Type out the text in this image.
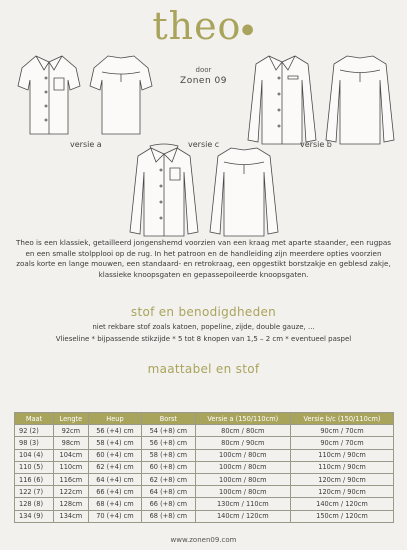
theo●
door
Zonen 09
versie a	versie b
versie c
Theo is een klassiek, getailleerd jongenshemd voorzien van een kraag met aparte staander, een rugpas en een smalle stolpplooi op de rug. In het patroon en de handleiding zijn meerdere opties voorzien zoals korte en lange mouwen, een standaard- en retrokraag, een opgestikt borstzakje en geblesd zakje, klassieke knoopsgaten en gepassepoileerde knoopsgaten.
stof en benodigdheden
niet rekbare stof zoals katoen, popeline, zijde, double gauze, ...
Vlieseline * bijpassende stikzijde * 5 tot 8 knopen van 1,5 – 2 cm * eventueel paspel
maattabel en stof
Maat	Lengte	Heup	Borst	Versie a (150/110cm)	Versie b/c (150/110cm)
92 (2)	92cm	56 (+4) cm	54 (+8) cm	80cm / 80cm	90cm / 70cm
98 (3)	98cm	58 (+4) cm	56 (+8) cm	80cm / 90cm	90cm / 70cm
104 (4)	104cm	60 (+4) cm	58 (+8) cm	100cm / 80cm	110cm / 90cm
110 (5)	110cm	62 (+4) cm	60 (+8) cm	100cm / 80cm	110cm / 90cm
116 (6)	116cm	64 (+4) cm	62 (+8) cm	100cm / 80cm	120cm / 90cm
122 (7)	122cm	66 (+4) cm	64 (+8) cm	100cm / 80cm	120cm / 90cm
128 (8)	128cm	68 (+4) cm	66 (+8) cm	130cm / 110cm	140cm / 120cm
134 (9)	134cm	70 (+4) cm	68 (+8) cm	140cm / 120cm	150cm / 120cm
www.zonen09.com
